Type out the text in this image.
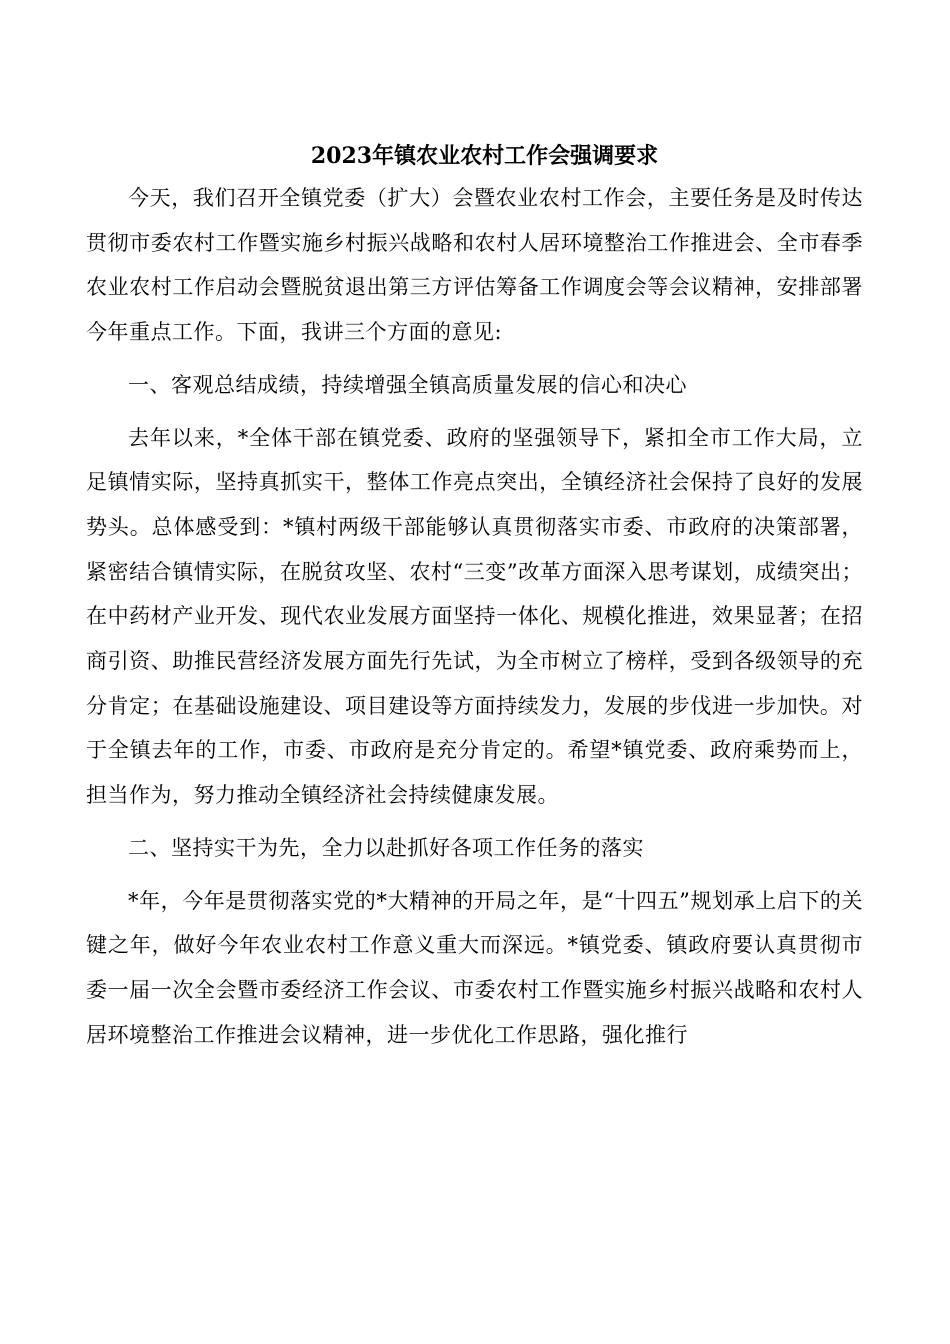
2023年镇农业农村工作会强调要求

今天，我们召开全镇党委（扩大）会暨农业农村工作会，主要任务是及时传达贯彻市委农村工作暨实施乡村振兴战略和农村人居环境整治工作推进会、全市春季农业农村工作启动会暨脱贫退出第三方评估筹备工作调度会等会议精神，安排部署今年重点工作。下面，我讲三个方面的意见:

一、客观总结成绩，持续增强全镇高质量发展的信心和决心

去年以来，*全体干部在镇党委、政府的坚强领导下，紧扣全市工作大局，立足镇情实际，坚持真抓实干，整体工作亮点突出，全镇经济社会保持了良好的发展势头。总体感受到：*镇村两级干部能够认真贯彻落实市委、市政府的决策部署，紧密结合镇情实际，在脱贫攻坚、农村“三变”改革方面深入思考谋划，成绩突出；在中药材产业开发、现代农业发展方面坚持一体化、规模化推进，效果显著；在招商引资、助推民营经济发展方面先行先试，为全市树立了榜样，受到各级领导的充分肯定；在基础设施建设、项目建设等方面持续发力，发展的步伐进一步加快。对于全镇去年的工作，市委、市政府是充分肯定的。希望*镇党委、政府乘势而上，担当作为，努力推动全镇经济社会持续健康发展。

二、坚持实干为先，全力以赴抓好各项工作任务的落实

*年，今年是贯彻落实党的*大精神的开局之年，是“十四五”规划承上启下的关键之年，做好今年农业农村工作意义重大而深远。*镇党委、镇政府要认真贯彻市委一届一次全会暨市委经济工作会议、市委农村工作暨实施乡村振兴战略和农村人居环境整治工作推进会议精神，进一步优化工作思路，强化推行
